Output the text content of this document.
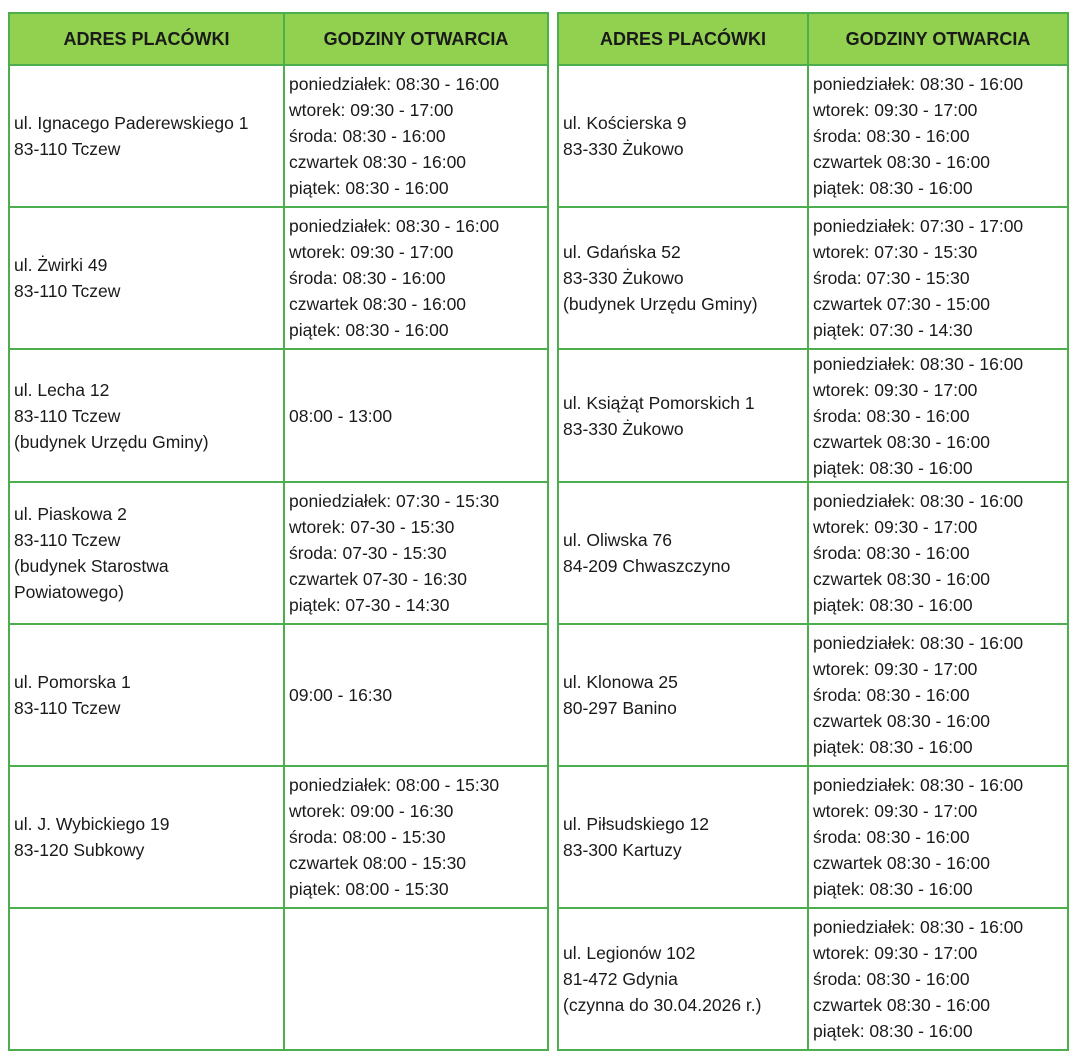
ADRES PLACÓWKI	GODZINY OTWARCIA

ul. Ignacego Paderewskiego 1
83-110 Tczew	poniedziałek: 08:30 - 16:00
wtorek: 09:30 - 17:00
środa: 08:30 - 16:00
czwartek 08:30 - 16:00
piątek: 08:30 - 16:00

ul. Żwirki 49
83-110 Tczew	poniedziałek: 08:30 - 16:00
wtorek: 09:30 - 17:00
środa: 08:30 - 16:00
czwartek 08:30 - 16:00
piątek: 08:30 - 16:00

ul. Lecha 12
83-110 Tczew
(budynek Urzędu Gminy)	08:00 - 13:00

ul. Piaskowa 2
83-110 Tczew
(budynek Starostwa
Powiatowego)	poniedziałek: 07:30 - 15:30
wtorek: 07-30 - 15:30
środa: 07-30 - 15:30
czwartek 07-30 - 16:30
piątek: 07-30 - 14:30

ul. Pomorska 1
83-110 Tczew	09:00 - 16:30

ul. J. Wybickiego 19
83-120 Subkowy	poniedziałek: 08:00 - 15:30
wtorek: 09:00 - 16:30
środa: 08:00 - 15:30
czwartek 08:00 - 15:30
piątek: 08:00 - 15:30

ADRES PLACÓWKI	GODZINY OTWARCIA

ul. Kościerska 9
83-330 Żukowo	poniedziałek: 08:30 - 16:00
wtorek: 09:30 - 17:00
środa: 08:30 - 16:00
czwartek 08:30 - 16:00
piątek: 08:30 - 16:00

ul. Gdańska 52
83-330 Żukowo
(budynek Urzędu Gminy)	poniedziałek: 07:30 - 17:00
wtorek: 07:30 - 15:30
środa: 07:30 - 15:30
czwartek 07:30 - 15:00
piątek: 07:30 - 14:30

ul. Książąt Pomorskich 1
83-330 Żukowo	poniedziałek: 08:30 - 16:00
wtorek: 09:30 - 17:00
środa: 08:30 - 16:00
czwartek 08:30 - 16:00
piątek: 08:30 - 16:00

ul. Oliwska 76
84-209 Chwaszczyno	poniedziałek: 08:30 - 16:00
wtorek: 09:30 - 17:00
środa: 08:30 - 16:00
czwartek 08:30 - 16:00
piątek: 08:30 - 16:00

ul. Klonowa 25
80-297 Banino	poniedziałek: 08:30 - 16:00
wtorek: 09:30 - 17:00
środa: 08:30 - 16:00
czwartek 08:30 - 16:00
piątek: 08:30 - 16:00

ul. Piłsudskiego 12
83-300 Kartuzy	poniedziałek: 08:30 - 16:00
wtorek: 09:30 - 17:00
środa: 08:30 - 16:00
czwartek 08:30 - 16:00
piątek: 08:30 - 16:00

ul. Legionów 102
81-472 Gdynia
(czynna do 30.04.2026 r.)	poniedziałek: 08:30 - 16:00
wtorek: 09:30 - 17:00
środa: 08:30 - 16:00
czwartek 08:30 - 16:00
piątek: 08:30 - 16:00
